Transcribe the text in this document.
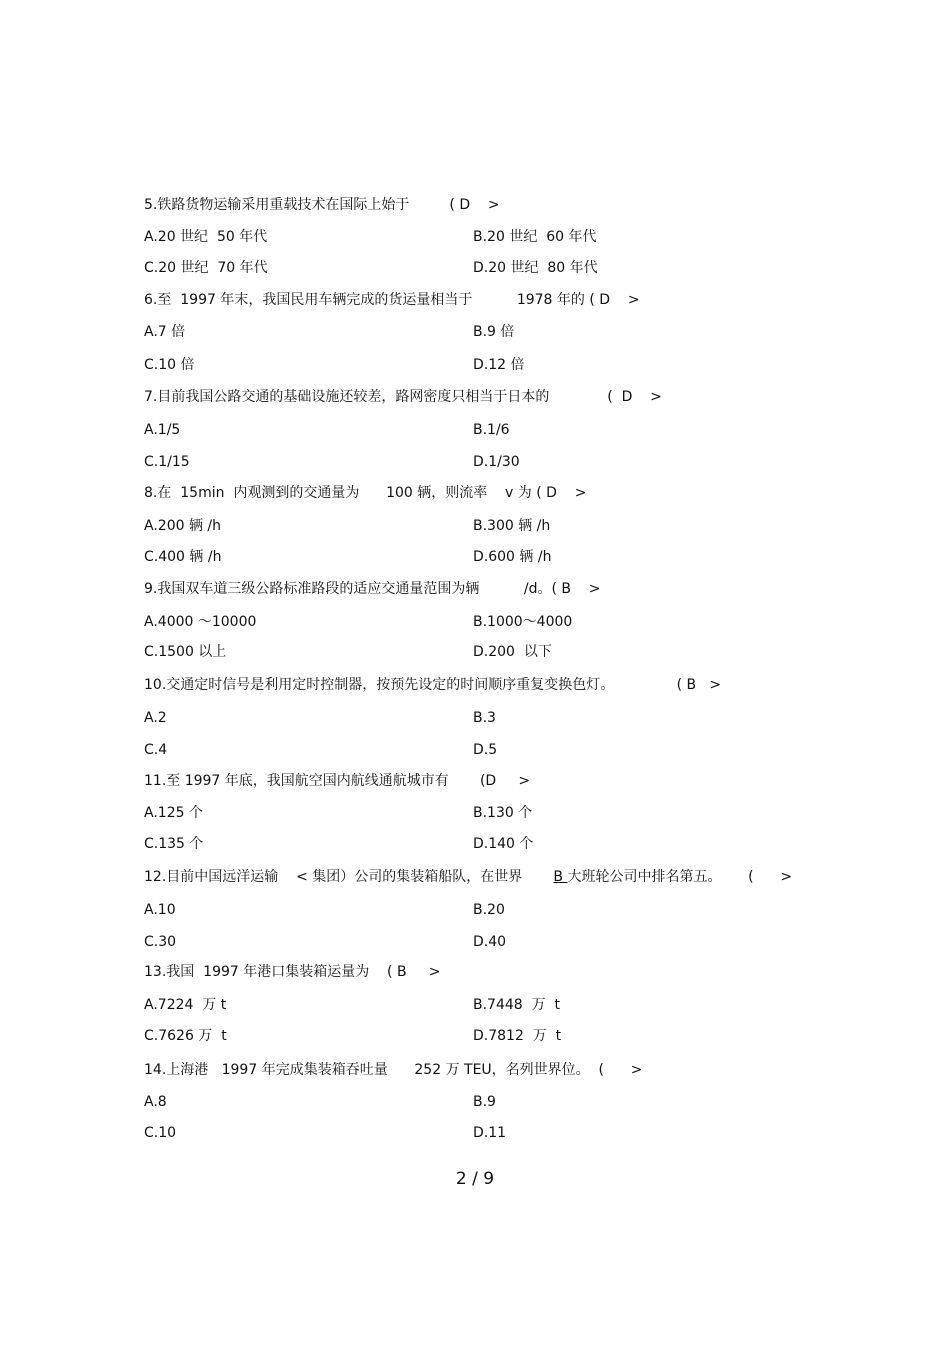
5.铁路货物运输采用重载技术在国际上始于         ( D    >
A.20 世纪  50 年代	B.20 世纪  60 年代
C.20 世纪  70 年代	D.20 世纪  80 年代
6.至  1997 年末，我国民用车辆完成的货运量相当于          1978 年的 ( D    >
A.7 倍	B.9 倍
C.10 倍	D.12 倍
7.目前我国公路交通的基础设施还较差，路网密度只相当于日本的             (  D    >
A.1/5	B.1/6
C.1/15	D.1/30
8.在  15min  内观测到的交通量为      100 辆，则流率    v 为 ( D    >
A.200 辆 /h	B.300 辆 /h
C.400 辆 /h	D.600 辆 /h
9.我国双车道三级公路标准路段的适应交通量范围为辆          /d。( B    >
A.4000 ～10000	B.1000～4000
C.1500 以上	D.200  以下
10.交通定时信号是利用定时控制器，按预先设定的时间顺序重复变换色灯。              ( B   >
A.2	B.3
C.4	D.5
11.至 1997 年底，我国航空国内航线通航城市有       (D     >
A.125 个	B.130 个
C.135 个	D.140 个
12.目前中国远洋运输    < 集团）公司的集装箱船队，在世界       B 大班轮公司中排名第五。      (      >
A.10	B.20
C.30	D.40
13.我国  1997 年港口集装箱运量为    ( B     >
A.7224  万 t	B.7448  万  t
C.7626 万  t	D.7812  万  t
14.上海港   1997 年完成集装箱吞吐量      252 万 TEU，名列世界位。  (      >
A.8	B.9
C.10	D.11
2 / 9
